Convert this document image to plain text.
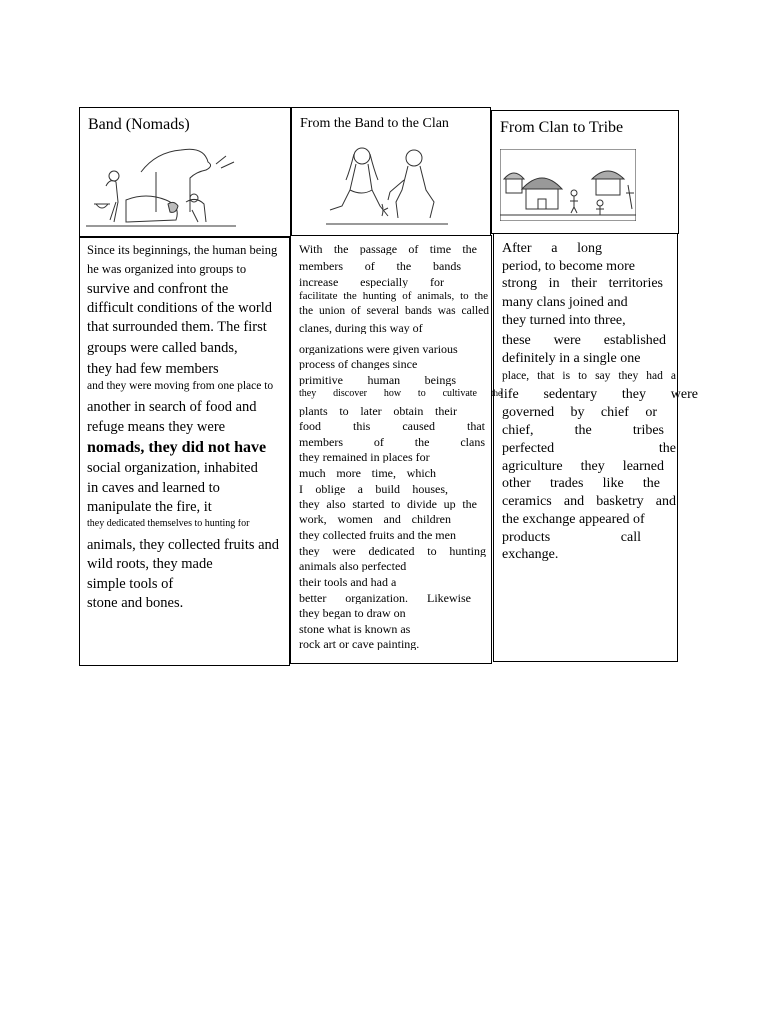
Band (Nomads)	From the Band to the Clan	From Clan to Tribe
Since its beginnings, the human being
he was organized into groups to
survive and confront the
difficult conditions of the world
that surrounded them. The first
groups were called bands,
they had few members
and they were moving from one place to
another in search of food and
refuge means they were
nomads, they did not have
social organization, inhabited
in caves and learned to
manipulate the fire, it
they dedicated themselves to hunting for
animals, they collected fruits and
wild roots, they made
simple tools of
stone and bones.
With the passage of time the
members of the bands
increase especially for
facilitate the hunting of animals, to the
the union of several bands was called
clanes, during this way of
organizations were given various
process of changes since
primitive human beings
they discover how to cultivate the
plants to later obtain their
food this caused that
members of the clans
they remained in places for
much more time, which
I oblige a build houses,
they also started to divide up the
work, women and children
they collected fruits and the men
they were dedicated to hunting
animals also perfected
their tools and had a
better organization. Likewise
they began to draw on
stone what is known as
rock art or cave painting.
After a long
period, to become more
strong in their territories
many clans joined and
they turned into three,
these were established
definitely in a single one
place, that is to say they had a
life sedentary they were
governed by chief or
chief, the tribes
perfected the
agriculture they learned
other trades like the
ceramics and basketry and
the exchange appeared of
products call
exchange.
